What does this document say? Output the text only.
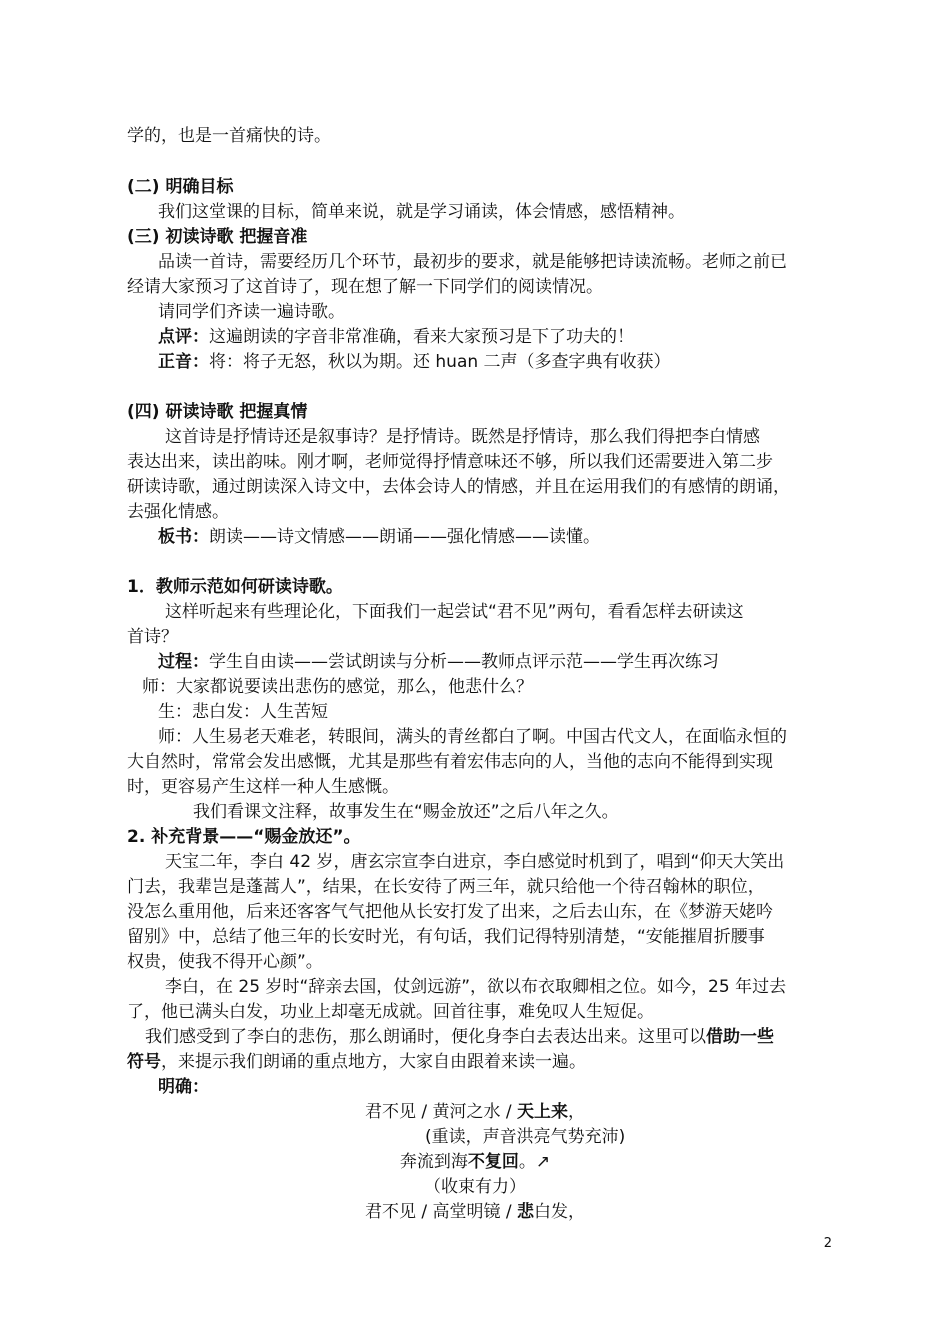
学的，也是一首痛快的诗。
(二) 明确目标
我们这堂课的目标，简单来说，就是学习诵读，体会情感，感悟精神。
(三) 初读诗歌 把握音准
品读一首诗，需要经历几个环节，最初步的要求，就是能够把诗读流畅。老师之前已
经请大家预习了这首诗了，现在想了解一下同学们的阅读情况。
请同学们齐读一遍诗歌。
点评：这遍朗读的字音非常准确，看来大家预习是下了功夫的！
正音：将：将子无怒，秋以为期。还 huan 二声（多查字典有收获）
(四) 研读诗歌 把握真情
这首诗是抒情诗还是叙事诗？是抒情诗。既然是抒情诗，那么我们得把李白情感
表达出来，读出韵味。刚才啊，老师觉得抒情意味还不够，所以我们还需要进入第二步
研读诗歌，通过朗读深入诗文中，去体会诗人的情感，并且在运用我们的有感情的朗诵，
去强化情感。
板书：朗读——诗文情感——朗诵——强化情感——读懂。
1．教师示范如何研读诗歌。
这样听起来有些理论化，下面我们一起尝试“君不见”两句，看看怎样去研读这
首诗？
过程：学生自由读——尝试朗读与分析——教师点评示范——学生再次练习
师：大家都说要读出悲伤的感觉，那么，他悲什么？
生：悲白发：人生苦短
师：人生易老天难老，转眼间，满头的青丝都白了啊。中国古代文人，在面临永恒的
大自然时，常常会发出感慨，尤其是那些有着宏伟志向的人，当他的志向不能得到实现
时，更容易产生这样一种人生感慨。
我们看课文注释，故事发生在“赐金放还”之后八年之久。
2. 补充背景——“赐金放还”。
天宝二年，李白 42 岁，唐玄宗宣李白进京，李白感觉时机到了，唱到“仰天大笑出
门去，我辈岂是蓬蒿人”，结果，在长安待了两三年，就只给他一个待召翰林的职位，
没怎么重用他，后来还客客气气把他从长安打发了出来，之后去山东，在《梦游天姥吟
留别》中，总结了他三年的长安时光，有句话，我们记得特别清楚，“安能摧眉折腰事
权贵，使我不得开心颜”。
李白，在 25 岁时“辞亲去国，仗剑远游”，欲以布衣取卿相之位。如今，25 年过去
了，他已满头白发，功业上却毫无成就。回首往事，难免叹人生短促。
我们感受到了李白的悲伤，那么朗诵时，便化身李白去表达出来。这里可以借助一些
符号，来提示我们朗诵的重点地方，大家自由跟着来读一遍。
明确：
君不见 / 黄河之水 / 天上来，
(重读，声音洪亮气势充沛)
奔流到海不复回。↗
（收束有力）
君不见 / 高堂明镜 / 悲白发，
2
